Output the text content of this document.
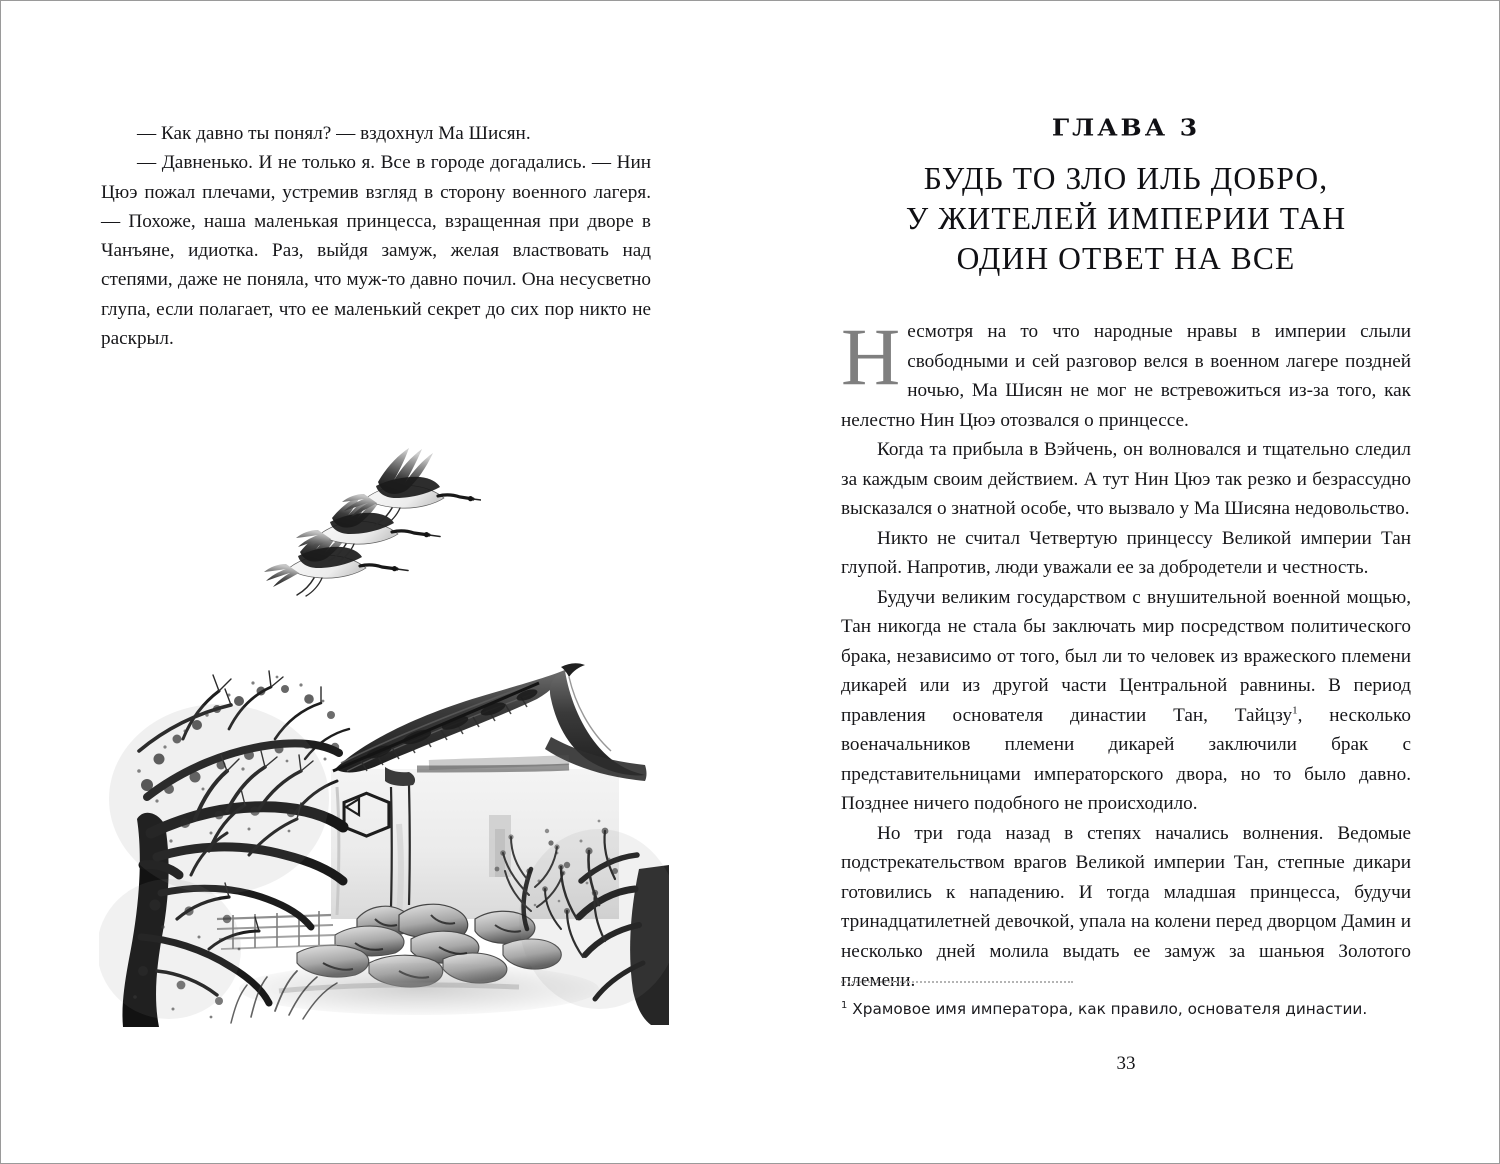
— Как давно ты понял? — вздохнул Ма Шисян.

— Давненько. И не только я. Все в городе догадались. — Нин Цюэ пожал плечами, устремив взгляд в сторону военного лагеря. — Похоже, наша маленькая принцесса, взращенная при дворе в Чанъяне, идиотка. Раз, выйдя замуж, желая властвовать над степями, даже не поняла, что муж-то давно почил. Она несусветно глупа, если полагает, что ее маленький секрет до сих пор никто не раскрыл.

ГЛАВА 3
БУДЬ ТО ЗЛО ИЛЬ ДОБРО,
У ЖИТЕЛЕЙ ИМПЕРИИ ТАН
ОДИН ОТВЕТ НА ВСЕ

Несмотря на то что народные нравы в империи слыли свободными и сей разговор велся в военном лагере поздней ночью, Ма Шисян не мог не встревожиться из-за того, как нелестно Нин Цюэ отозвался о принцессе.

Когда та прибыла в Вэйчень, он волновался и тщательно следил за каждым своим действием. А тут Нин Цюэ так резко и безрассудно высказался о знатной особе, что вызвало у Ма Шисяна недовольство.

Никто не считал Четвертую принцессу Великой империи Тан глупой. Напротив, люди уважали ее за добродетели и честность.

Будучи великим государством с внушительной военной мощью, Тан никогда не стала бы заключать мир посредством политического брака, независимо от того, был ли то человек из вражеского племени дикарей или из другой части Центральной равнины. В период правления основателя династии Тан, Тайцзу$^1$, несколько военачальников племени дикарей заключили брак с представительницами императорского двора, но то было давно. Позднее ничего подобного не происходило.

Но три года назад в степях начались волнения. Ведомые подстрекательством врагов Великой империи Тан, степные дикари готовились к нападению. И тогда младшая принцесса, будучи тринадцатилетней девочкой, упала на колени перед дворцом Дамин и несколько дней молила выдать ее замуж за шаньюя Золотого племени.

$^1$ Храмовое имя императора, как правило, основателя династии.
33
